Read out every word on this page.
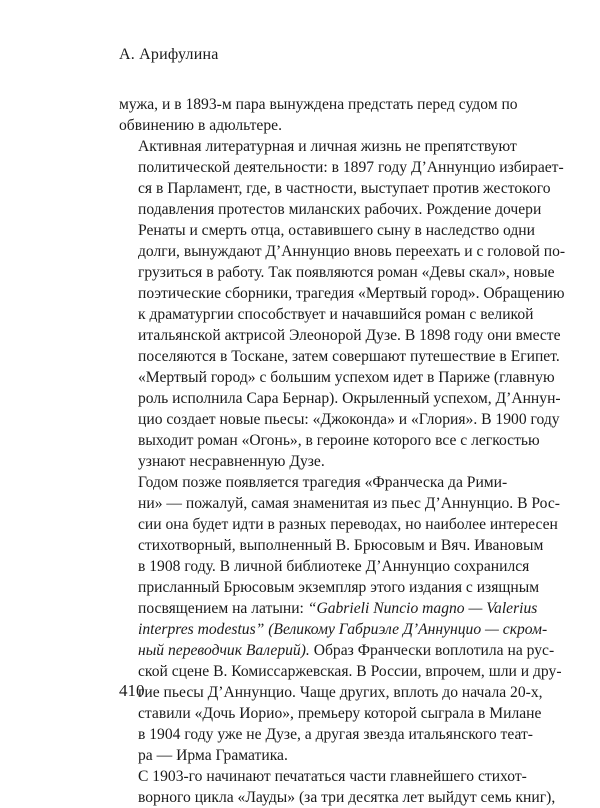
А. Арифулина

мужа, и в 1893-м пара вынуждена предстать перед судом по
обвинению в адюльтере.

Активная литературная и личная жизнь не препятствуют
политической деятельности: в 1897 году Д’Аннунцио избирает-
ся в Парламент, где, в частности, выступает против жестокого
подавления протестов миланских рабочих. Рождение дочери
Ренаты и смерть отца, оставившего сыну в наследство одни
долги, вынуждают Д’Аннунцио вновь переехать и с головой по-
грузиться в работу. Так появляются роман «Девы скал», новые
поэтические сборники, трагедия «Мертвый город». Обращению
к драматургии способствует и начавшийся роман с великой
итальянской актрисой Элеонорой Дузе. В 1898 году они вместе
поселяются в Тоскане, затем совершают путешествие в Египет.
«Мертвый город» с большим успехом идет в Париже (главную
роль исполнила Сара Бернар). Окрыленный успехом, Д’Аннун-
цио создает новые пьесы: «Джоконда» и «Глория». В 1900 году
выходит роман «Огонь», в героине которого все с легкостью
узнают несравненную Дузе.

Годом позже появляется трагедия «Франческа да Рими-
ни» — пожалуй, самая знаменитая из пьес Д’Аннунцио. В Рос-
сии она будет идти в разных переводах, но наиболее интересен
стихотворный, выполненный В. Брюсовым и Вяч. Ивановым
в 1908 году. В личной библиотеке Д’Аннунцио сохранился
присланный Брюсовым экземпляр этого издания с изящным
посвящением на латыни: “Gabrieli Nuncio magno — Valerius
interpres modestus” (Великому Габриэле Д’Аннунцио — скром-
ный переводчик Валерий). Образ Франчески воплотила на рус-
ской сцене В. Комиссаржевская. В России, впрочем, шли и дру-
гие пьесы Д’Аннунцио. Чаще других, вплоть до начала 20-х,
ставили «Дочь Иорио», премьеру которой сыграла в Милане
в 1904 году уже не Дузе, а другая звезда итальянского теат-
ра — Ирма Граматика.

С 1903-го начинают печататься части главнейшего стихот-
ворного цикла «Лауды» (за три десятка лет выйдут семь книг),

410
